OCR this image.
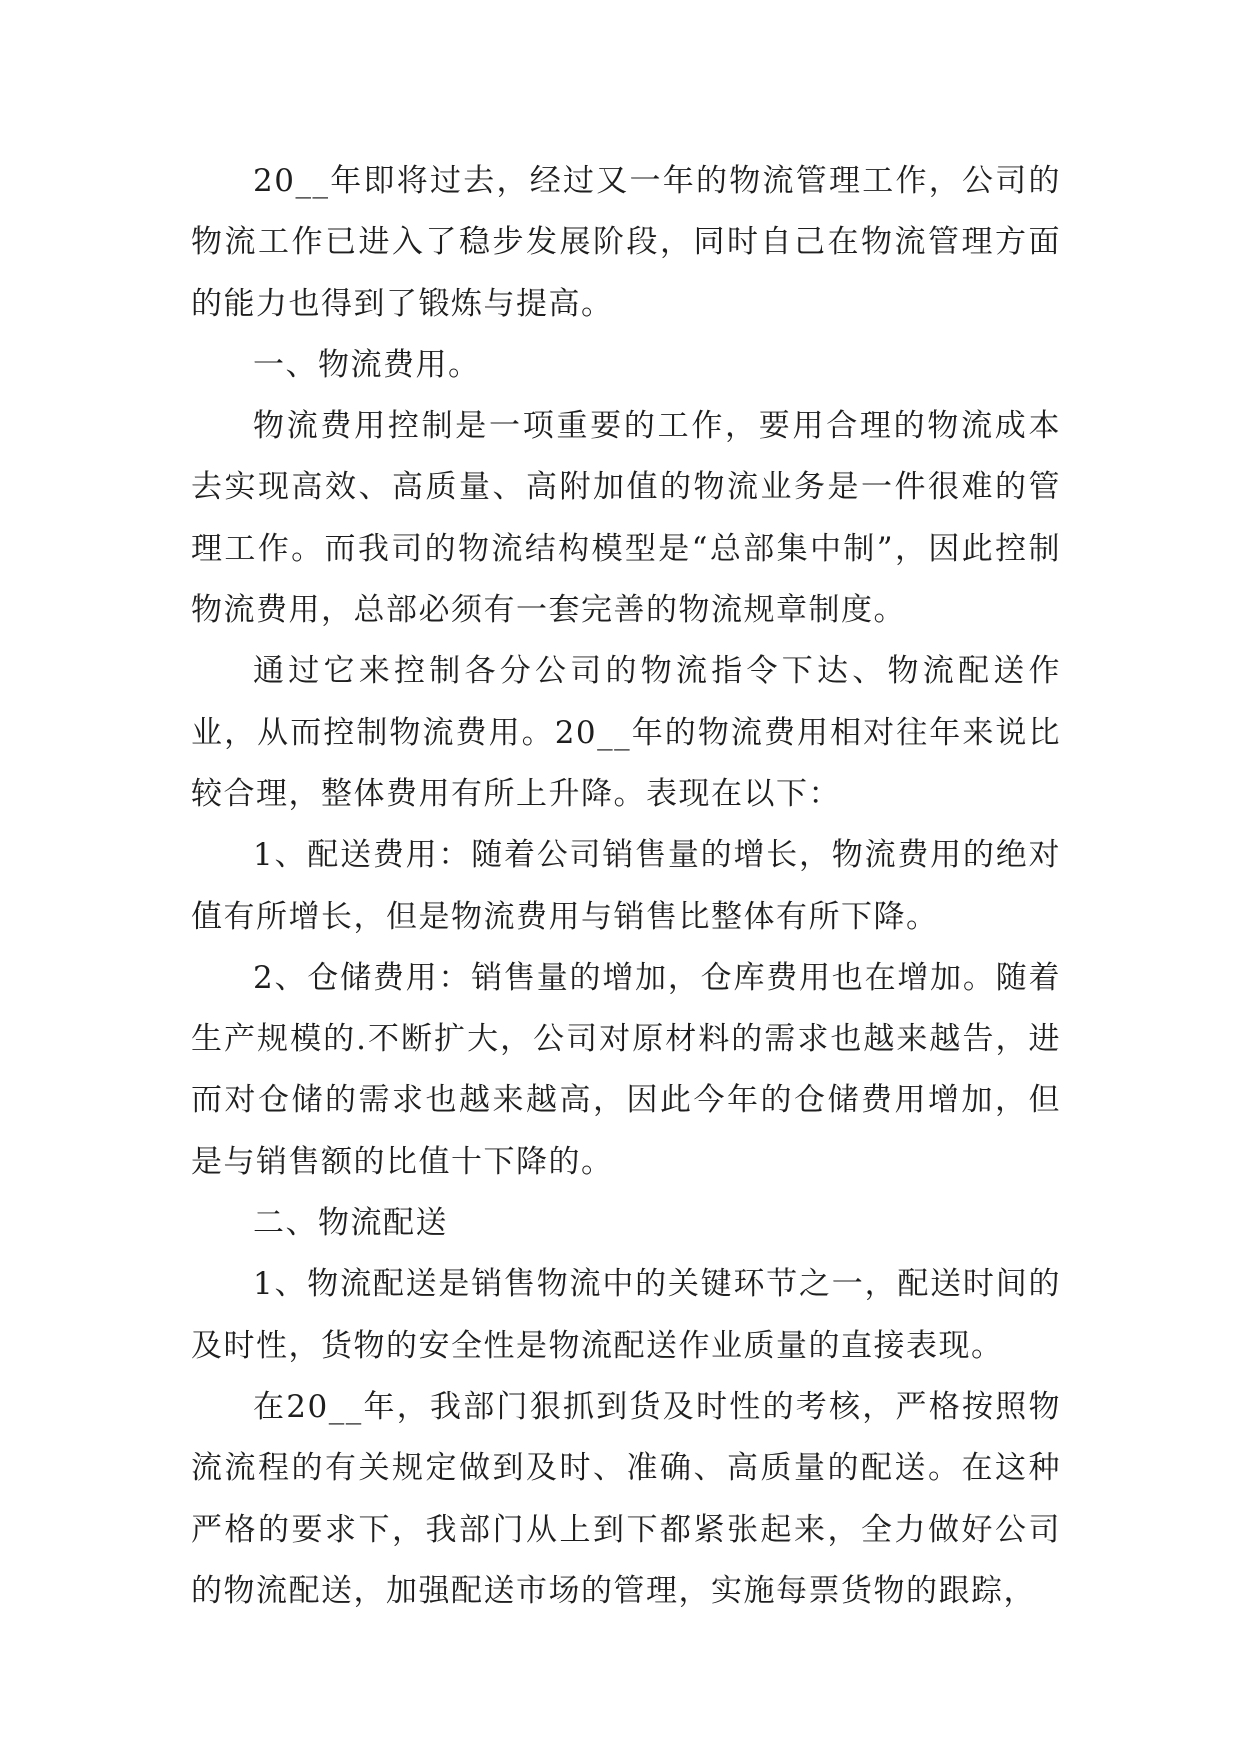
20__年即将过去，经过又一年的物流管理工作，公司的物流工作已进入了稳步发展阶段，同时自己在物流管理方面的能力也得到了锻炼与提高。

一、物流费用。

物流费用控制是一项重要的工作，要用合理的物流成本去实现高效、高质量、高附加值的物流业务是一件很难的管理工作。而我司的物流结构模型是“总部集中制”，因此控制物流费用，总部必须有一套完善的物流规章制度。

通过它来控制各分公司的物流指令下达、物流配送作业，从而控制物流费用。20__年的物流费用相对往年来说比较合理，整体费用有所上升降。表现在以下：

1、配送费用：随着公司销售量的增长，物流费用的绝对值有所增长，但是物流费用与销售比整体有所下降。

2、仓储费用：销售量的增加，仓库费用也在增加。随着生产规模的.不断扩大，公司对原材料的需求也越来越告，进而对仓储的需求也越来越高，因此今年的仓储费用增加，但是与销售额的比值十下降的。

二、物流配送

1、物流配送是销售物流中的关键环节之一，配送时间的及时性，货物的安全性是物流配送作业质量的直接表现。

在20__年，我部门狠抓到货及时性的考核，严格按照物流流程的有关规定做到及时、准确、高质量的配送。在这种严格的要求下，我部门从上到下都紧张起来，全力做好公司的物流配送，加强配送市场的管理，实施每票货物的跟踪，
